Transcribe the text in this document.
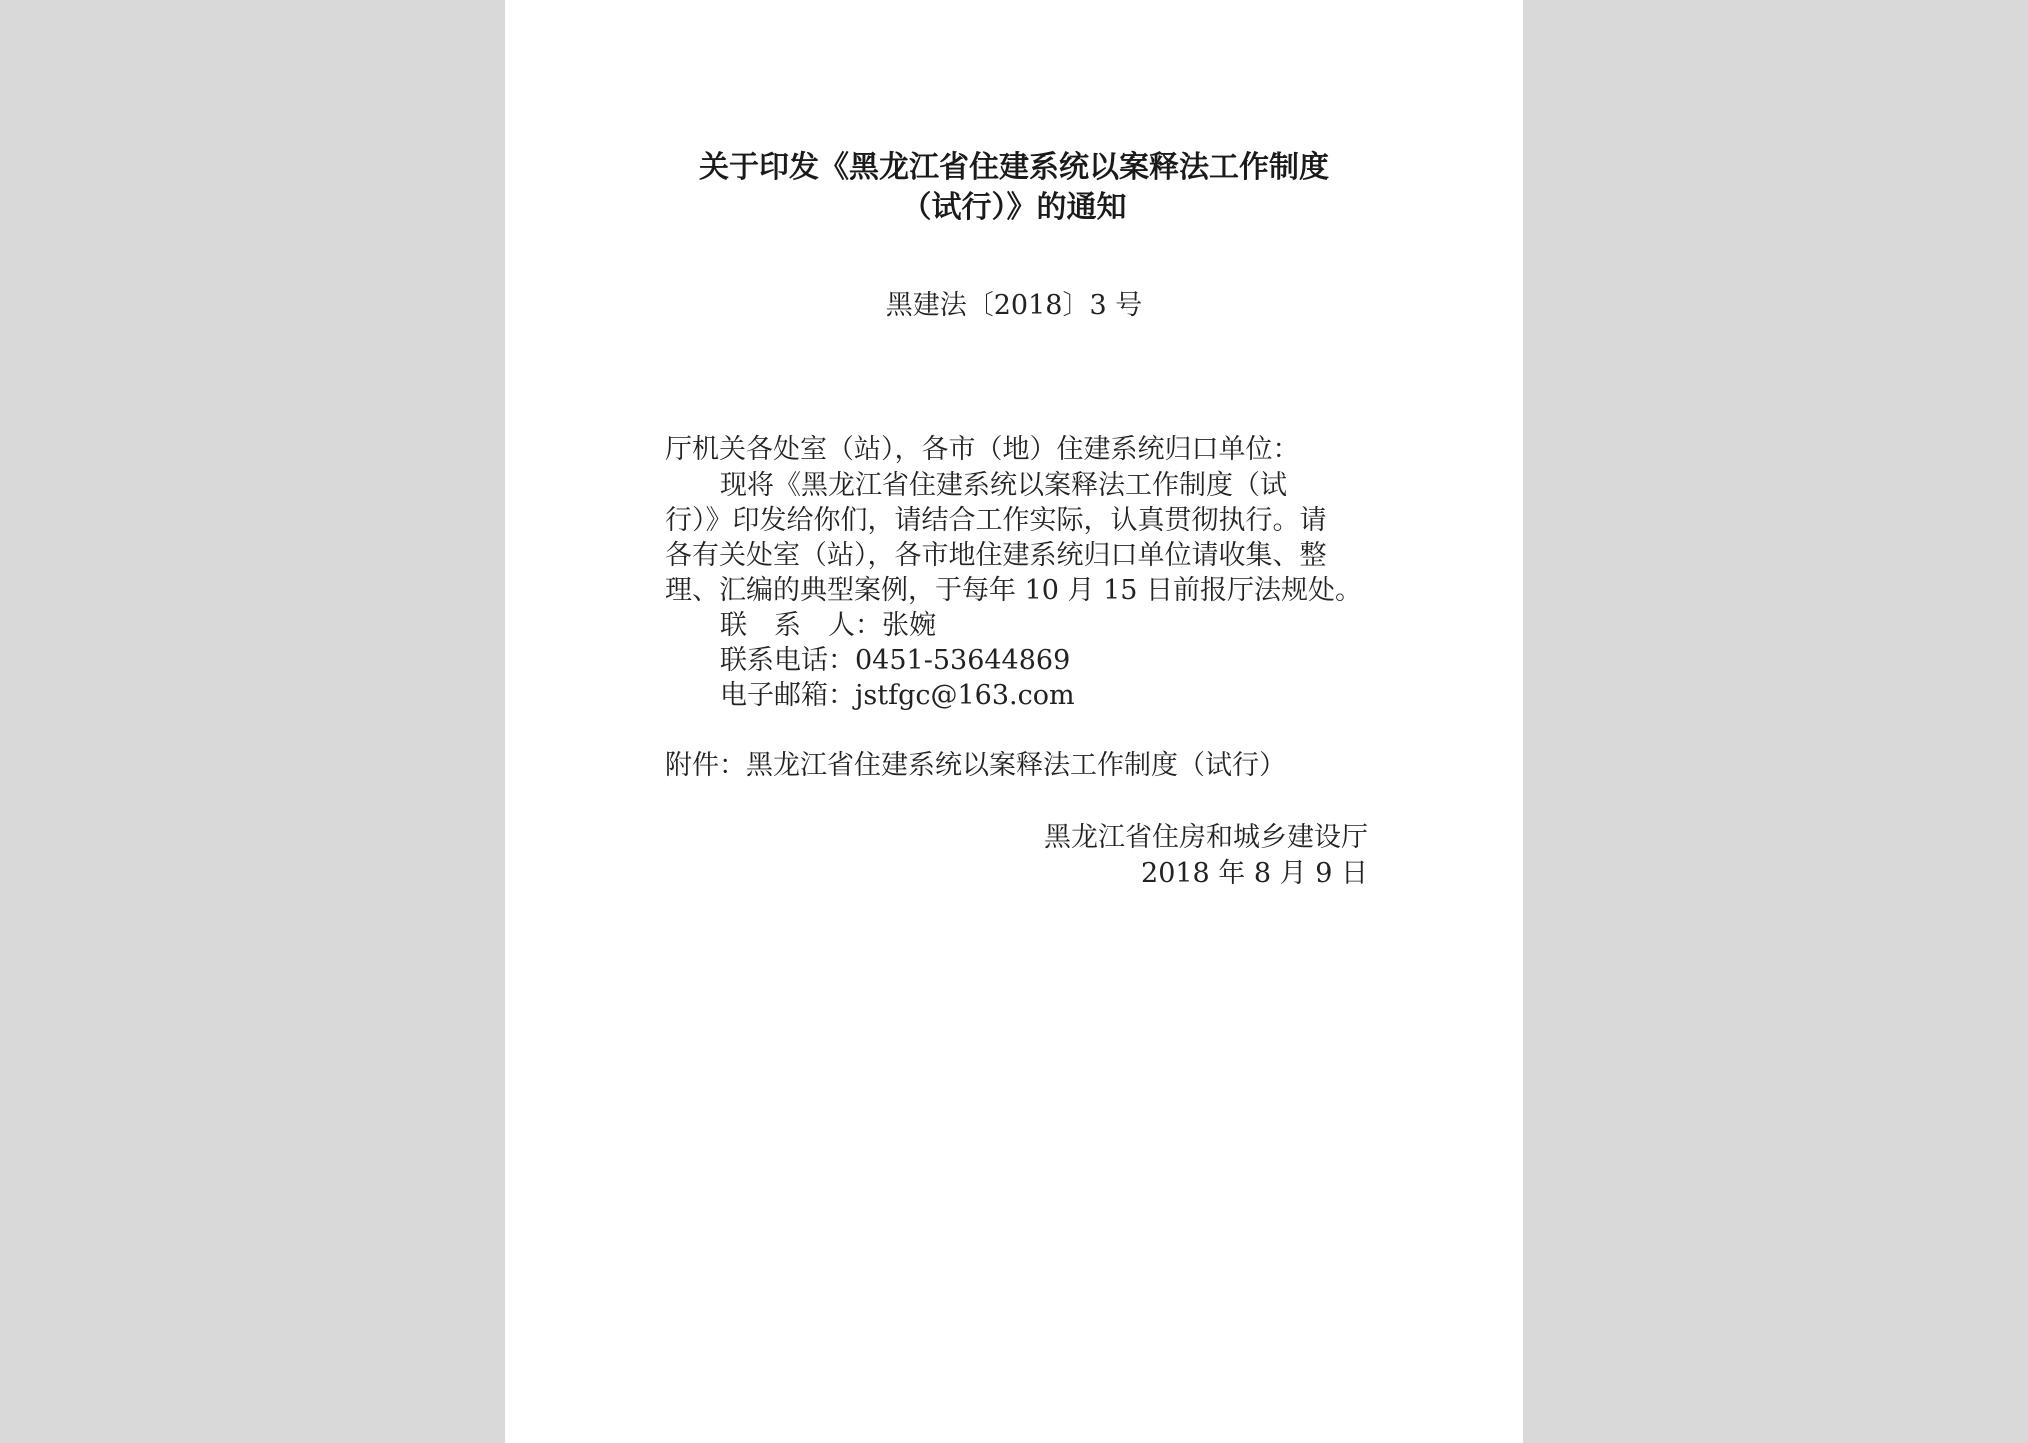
关于印发《黑龙江省住建系统以案释法工作制度
（试行）》的通知
黑建法〔2018〕3 号
厅机关各处室（站），各市（地）住建系统归口单位：
现将《黑龙江省住建系统以案释法工作制度（试
行）》印发给你们，请结合工作实际，认真贯彻执行。请
各有关处室（站），各市地住建系统归口单位请收集、整
理、汇编的典型案例，于每年 10 月 15 日前报厅法规处。
联　系　人：张婉
联系电话：0451-53644869
电子邮箱：jstfgc@163.com
附件：黑龙江省住建系统以案释法工作制度（试行）
黑龙江省住房和城乡建设厅
2018 年 8 月 9 日
